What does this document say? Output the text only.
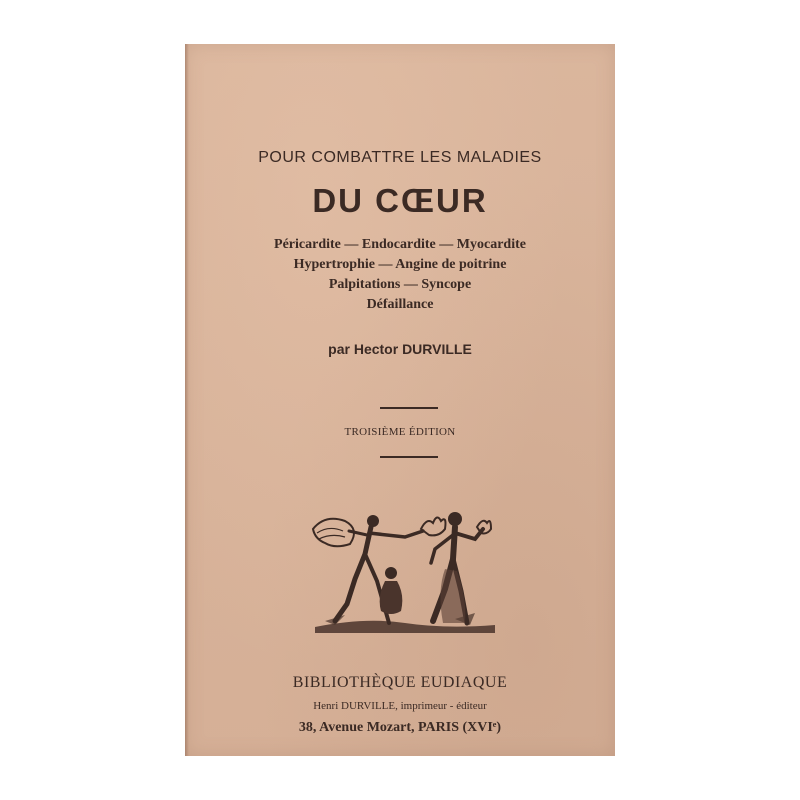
POUR COMBATTRE LES MALADIES
DU CŒUR
Péricardite — Endocardite — Myocardite
Hypertrophie — Angine de poitrine
Palpitations — Syncope
Défaillance
par Hector DURVILLE
TROISIÈME ÉDITION
BIBLIOTHÈQUE EUDIAQUE
Henri DURVILLE, imprimeur - éditeur
38, Avenue Mozart, PARIS (XVIᵉ)
